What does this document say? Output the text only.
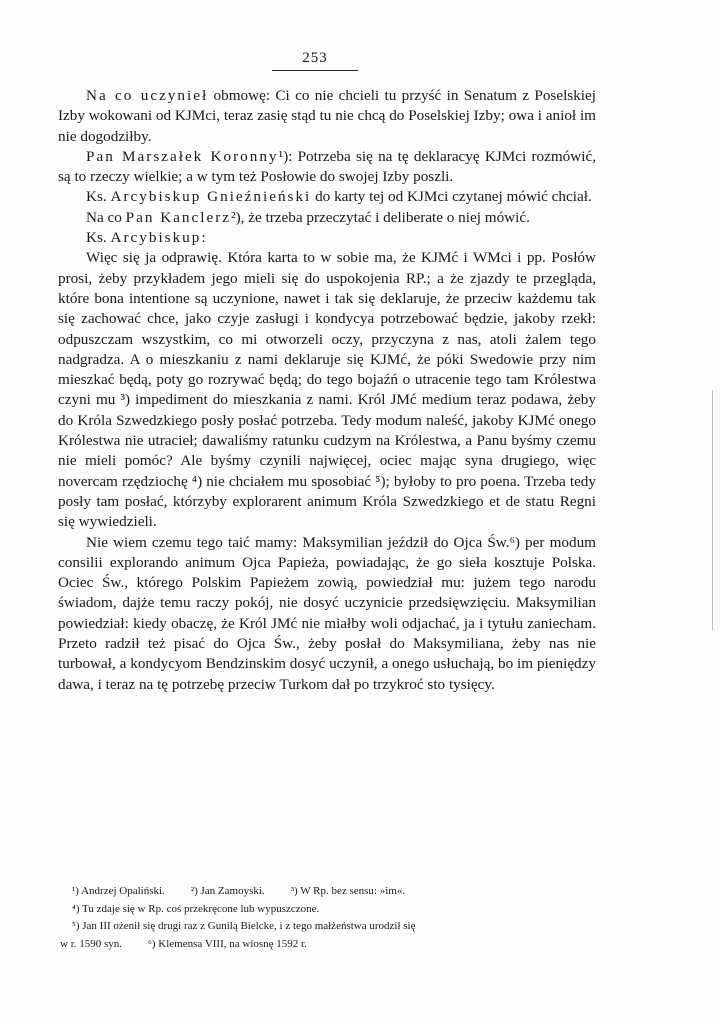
253

Na co uczynieł obmowę: Ci co nie chcieli tu przyść in Senatum z Poselskiej Izby wokowani od KJMci, teraz zasię stąd tu nie chcą do Poselskiej Izby; owa i anioł im nie dogodziłby.

Pan Marszałek Koronny¹): Potrzeba się na tę deklaracyę KJMci rozmówić, są to rzeczy wielkie; a w tym też Posłowie do swojej Izby poszli.

Ks. Arcybiskup Gnieźnieński do karty tej od KJMci czytanej mówić chciał.

Na co Pan Kanclerz²), że trzeba przeczytać i deliberate o niej mówić.

Ks. Arcybiskup:

Więc się ja odprawię. Która karta to w sobie ma, że KJMć i WMci i pp. Posłów prosi, żeby przykładem jego mieli się do uspokojenia RP.; a że zjazdy te przegląda, które bona intentione są uczynione, nawet i tak się deklaruje, że przeciw każdemu tak się zachować chce, jako czyje zasługi i kondycya potrzebować będzie, jakoby rzekł: odpuszczam wszystkim, co mi otworzeli oczy, przyczyna z nas, atoli żalem tego nadgradza. A o mieszkaniu z nami deklaruje się KJMć, że póki Swedowie przy nim mieszkać będą, poty go rozrywać będą; do tego bojaźń o utracenie tego tam Królestwa czyni mu ³) impediment do mieszkania z nami. Król JMć medium teraz podawa, żeby do Króla Szwedzkiego posły posłać potrzeba. Tedy modum naleść, jakoby KJMć onego Królestwa nie utracieł; dawaliśmy ratunku cudzym na Królestwa, a Panu byśmy czemu nie mieli pomóc? Ale byśmy czynili najwięcej, ociec mając syna drugiego, więc novercam rzędziochę ⁴) nie chciałem mu sposobiać ⁵); byłoby to pro poena. Trzeba tedy posły tam posłać, którzyby explorarent animum Króla Szwedzkiego et de statu Regni się wywiedzieli.

Nie wiem czemu tego taić mamy: Maksymilian jeździł do Ojca Św.⁶) per modum consilii explorando animum Ojca Papieża, powiadając, że go sieła kosztuje Polska. Ociec Św., którego Polskim Papieżem zowią, powiedział mu: jużem tego narodu świadom, dajże temu raczy pokój, nie dosyć uczynicie przedsięwzięciu. Maksymilian powiedział: kiedy obaczę, że Król JMć nie miałby woli odjachać, ja i tytułu zaniecham. Przeto radził też pisać do Ojca Św., żeby posłał do Maksymiliana, żeby nas nie turbował, a kondycyom Bendzinskim dosyć uczynił, a onego usłuchają, bo im pieniędzy dawa, i teraz na tę potrzebę przeciw Turkom dał po trzykroć sto tysięcy.

¹) Andrzej Opaliński. ²) Jan Zamoyski. ³) W Rp. bez sensu: »im«.

⁴) Tu zdaje się w Rp. coś przekręcone lub wypuszczone.

⁵) Jan III ożenił się drugi raz z Gunilą Bielcke, i z tego małżeństwa urodził się

w r. 1590 syn. ⁶) Klemensa VIII, na wiosnę 1592 r.
